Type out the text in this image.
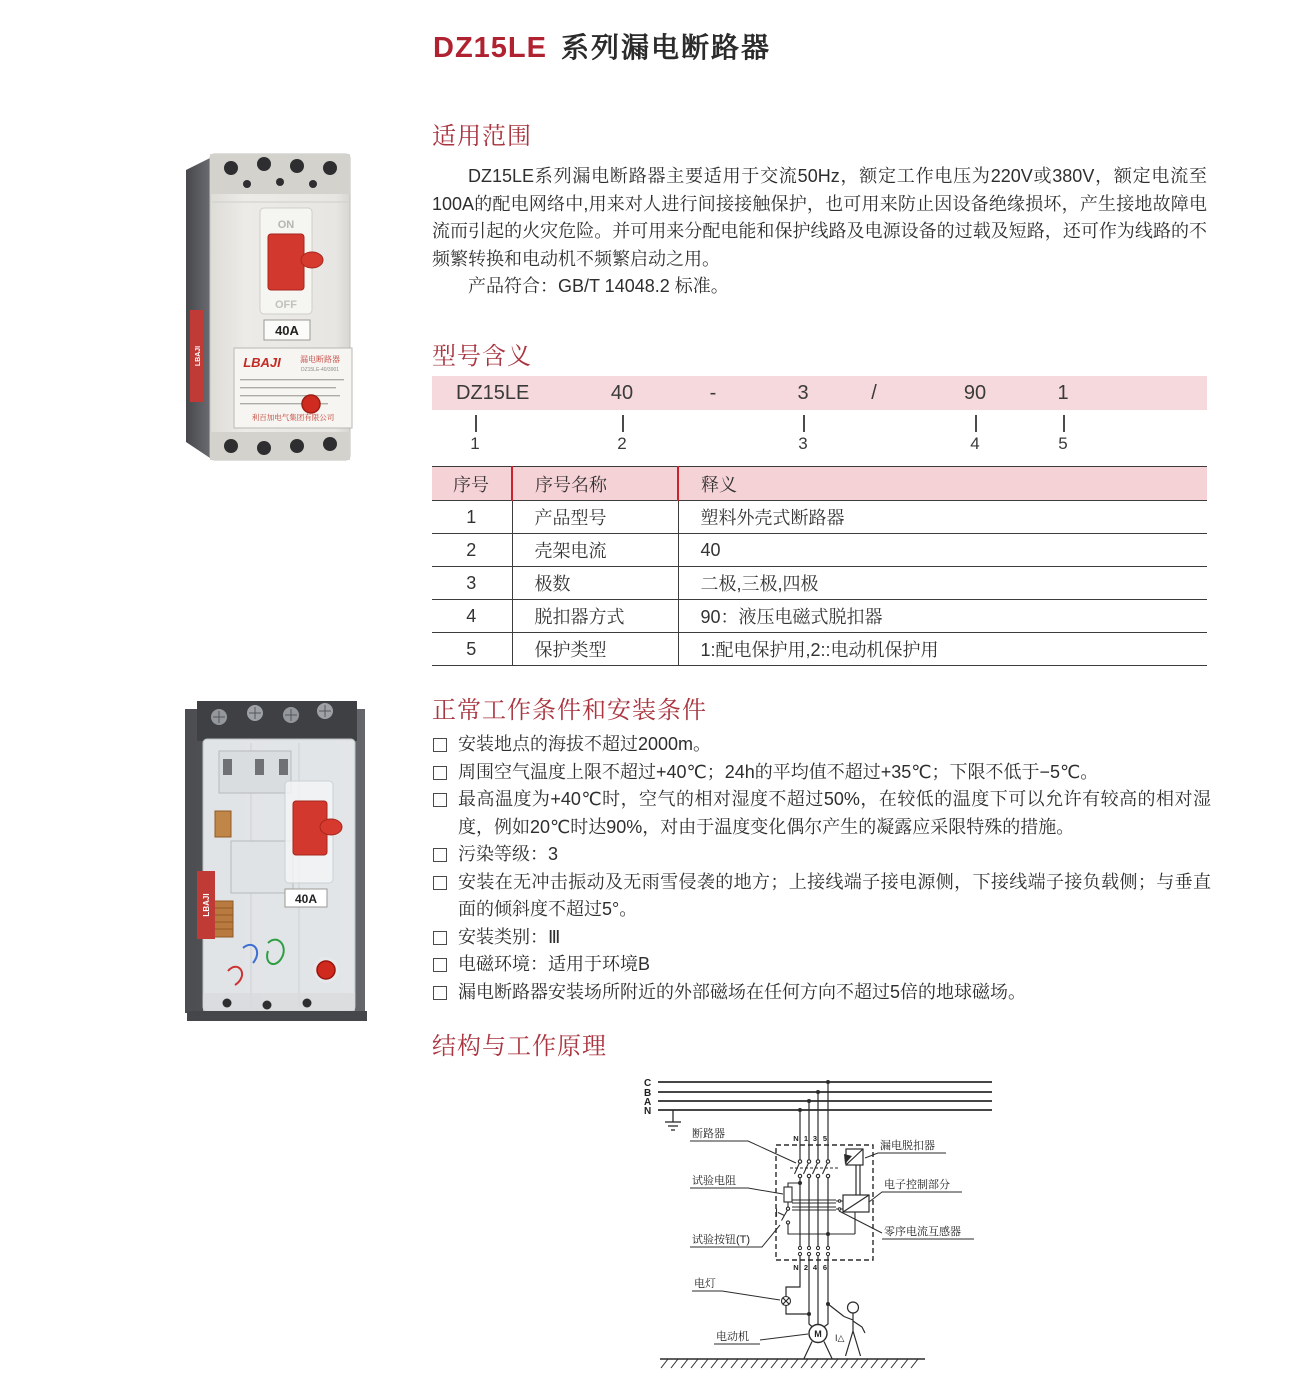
DZ15LE 系列漏电断路器
LBAJI
ON
OFF
40A
LBAJI 漏电断路器
DZ15LE-40/3901
利百加电气集团有限公司
40A
LBAJI
适用范围

DZ15LE系列漏电断路器主要适用于交流50Hz，额定工作电压为220V或380V，额定电流至100A的配电网络中,用来对人进行间接接触保护，也可用来防止因设备绝缘损坏，产生接地故障电流而引起的火灾危险。并可用来分配电能和保护线路及电源设备的过载及短路，还可作为线路的不频繁转换和电动机不频繁启动之用。

产品符合：GB/T 14048.2 标准。

型号含义
DZ15LE	40	-	3	/	90	1
1	2	3	4	5
序号	序号名称	释义
1	产品型号	塑料外壳式断路器
2	壳架电流	40
3	极数	二极,三极,四极
4	脱扣器方式	90：液压电磁式脱扣器
5	保护类型	1:配电保护用,2::电动机保护用
正常工作条件和安装条件
安装地点的海拔不超过2000m。
周围空气温度上限不超过+40℃；24h的平均值不超过+35℃；下限不低于−5℃。
最高温度为+40℃时，空气的相对湿度不超过50%，在较低的温度下可以允许有较高的相对湿度，例如20℃时达90%，对由于温度变化偶尔产生的凝露应采限特殊的措施。
污染等级：3
安装在无冲击振动及无雨雪侵袭的地方；上接线端子接电源侧，下接线端子接负载侧；与垂直面的倾斜度不超过5°。
安装类别：Ⅲ
电磁环境：适用于环境B
漏电断路器安装场所附近的外部磁场在任何方向不超过5倍的地球磁场。
结构与工作原理
C
B
A
N
N 1 3 5
N 2 4 6
M I△
断路器
试验电阻
试验按钮(T)
电灯
电动机
漏电脱扣器
电子控制部分
零序电流互感器
